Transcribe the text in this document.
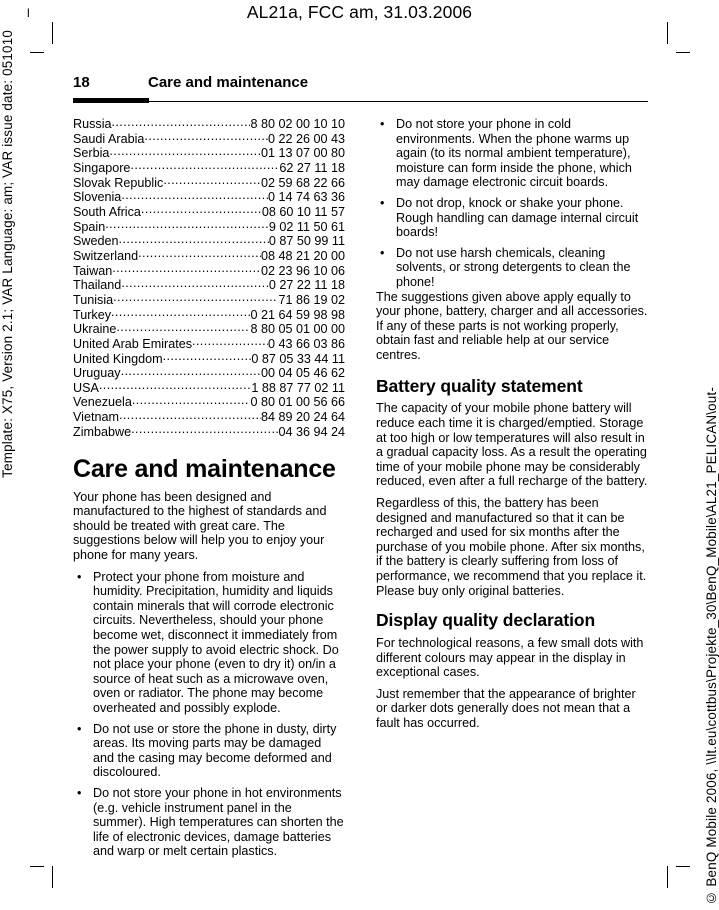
l	AL21a, FCC am, 31.03.2006
Template: X75, Version 2.1; VAR Language: am; VAR issue date: 051010
© BenQ Mobile 2006, \\lt.eu\cottbus\Projekte_30\BenQ_Mobile\AL21_PELICAN\out-
18	Care and maintenance
Russia .....	8 80 02 00 10 10
Saudi Arabia .....	0 22 26 00 43
Serbia .....	01 13 07 00 80
Singapore .....	62 27 11 18
Slovak Republic .....	02 59 68 22 66
Slovenia .....	0 14 74 63 36
South Africa .....	08 60 10 11 57
Spain .....	9 02 11 50 61
Sweden .....	0 87 50 99 11
Switzerland .....	08 48 21 20 00
Taiwan .....	02 23 96 10 06
Thailand .....	0 27 22 11 18
Tunisia .....	71 86 19 02
Turkey .....	0 21 64 59 98 98
Ukraine .....	8 80 05 01 00 00
United Arab Emirates .....	0 43 66 03 86
United Kingdom .....	0 87 05 33 44 11
Uruguay .....	00 04 05 46 62
USA .....	1 88 87 77 02 11
Venezuela .....	0 80 01 00 56 66
Vietnam .....	84 89 20 24 64
Zimbabwe .....	04 36 94 24
Care and maintenance

Your phone has been designed and manufactured to the highest of standards and should be treated with great care. The suggestions below will help you to enjoy your phone for many years.

• Protect your phone from moisture and humidity. Precipitation, humidity and liquids contain minerals that will corrode electronic circuits. Nevertheless, should your phone become wet, disconnect it immediately from the power supply to avoid electric shock. Do not place your phone (even to dry it) on/in a source of heat such as a microwave oven, oven or radiator. The phone may become overheated and possibly explode.
• Do not use or store the phone in dusty, dirty areas. Its moving parts may be damaged and the casing may become deformed and discoloured.
• Do not store your phone in hot environments (e.g. vehicle instrument panel in the summer). High temperatures can shorten the life of electronic devices, damage batteries and warp or melt certain plastics.
• Do not store your phone in cold environments. When the phone warms up again (to its normal ambient temperature), moisture can form inside the phone, which may damage electronic circuit boards.
• Do not drop, knock or shake your phone. Rough handling can damage internal circuit boards!
• Do not use harsh chemicals, cleaning solvents, or strong detergents to clean the phone!

The suggestions given above apply equally to your phone, battery, charger and all accessories. If any of these parts is not working properly, obtain fast and reliable help at our service centres.

Battery quality statement

The capacity of your mobile phone battery will reduce each time it is charged/emptied. Storage at too high or low temperatures will also result in a gradual capacity loss. As a result the operating time of your mobile phone may be considerably reduced, even after a full recharge of the battery.

Regardless of this, the battery has been designed and manufactured so that it can be recharged and used for six months after the purchase of you mobile phone. After six months, if the battery is clearly suffering from loss of performance, we recommend that you replace it. Please buy only original batteries.

Display quality declaration

For technological reasons, a few small dots with different colours may appear in the display in exceptional cases.

Just remember that the appearance of brighter or darker dots generally does not mean that a fault has occurred.
